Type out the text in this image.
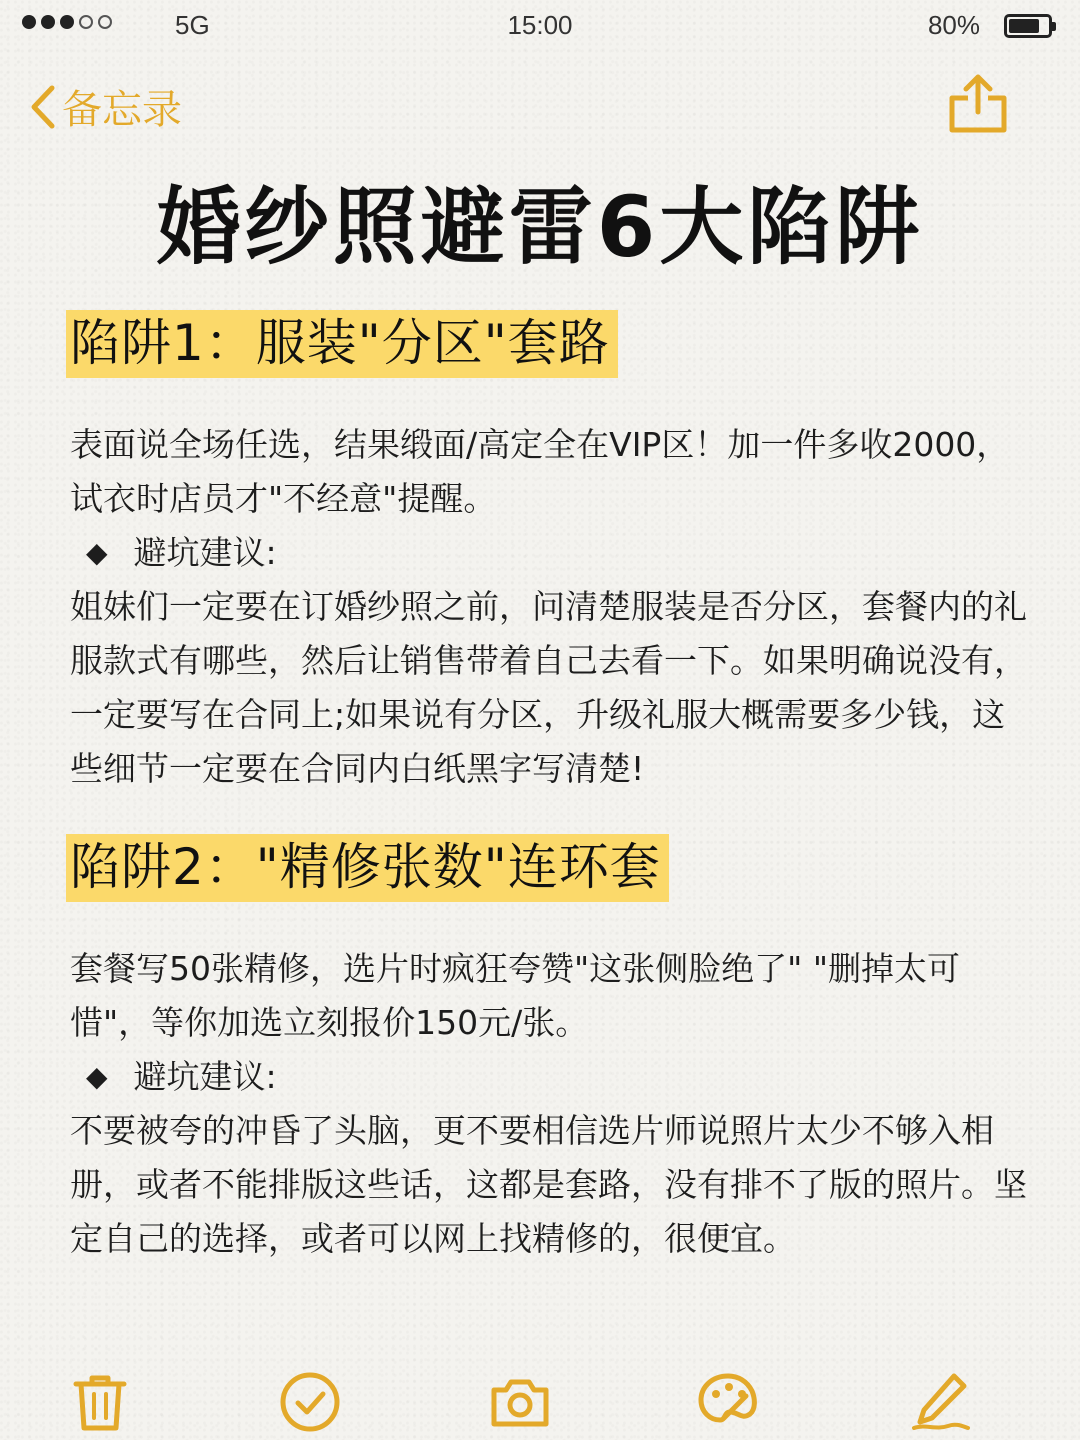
5G	15:00	80%
备忘录
婚纱照避雷6大陷阱
陷阱1：服装"分区"套路

表面说全场任选，结果缎面/高定全在VIP区！加一件多收2000，试衣时店员才"不经意"提醒。

◆ 避坑建议:

姐妹们一定要在订婚纱照之前，问清楚服装是否分区，套餐内的礼服款式有哪些，然后让销售带着自己去看一下。如果明确说没有，一定要写在合同上;如果说有分区，升级礼服大概需要多少钱，这些细节一定要在合同内白纸黑字写清楚!

陷阱2："精修张数"连环套

套餐写50张精修，选片时疯狂夸赞"这张侧脸绝了" "删掉太可惜"，等你加选立刻报价150元/张。

◆ 避坑建议:

不要被夸的冲昏了头脑，更不要相信选片师说照片太少不够入相册，或者不能排版这些话，这都是套路，没有排不了版的照片。坚定自己的选择，或者可以网上找精修的，很便宜。
